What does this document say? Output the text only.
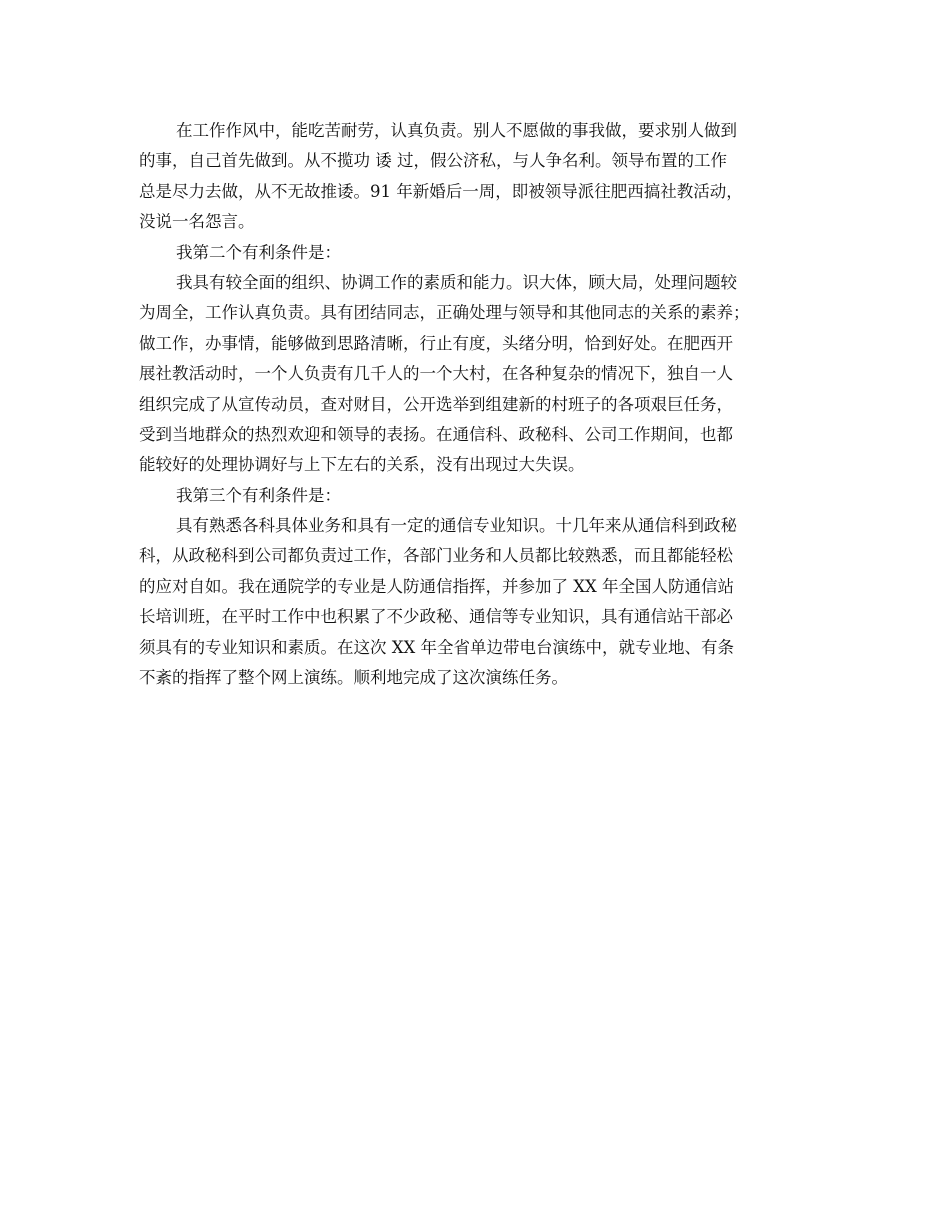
在工作作风中，能吃苦耐劳，认真负责。别人不愿做的事我做，要求别人做到
的事，自己首先做到。从不揽功 诿 过，假公济私，与人争名利。领导布置的工作
总是尽力去做，从不无故推诿。91 年新婚后一周，即被领导派往肥西搞社教活动，
没说一名怨言。
我第二个有利条件是：
我具有较全面的组织、协调工作的素质和能力。识大体，顾大局，处理问题较
为周全，工作认真负责。具有团结同志，正确处理与领导和其他同志的关系的素养；
做工作，办事情，能够做到思路清晰，行止有度，头绪分明，恰到好处。在肥西开
展社教活动时，一个人负责有几千人的一个大村，在各种复杂的情况下，独自一人
组织完成了从宣传动员，查对财目，公开选举到组建新的村班子的各项艰巨任务，
受到当地群众的热烈欢迎和领导的表扬。在通信科、政秘科、公司工作期间，也都
能较好的处理协调好与上下左右的关系，没有出现过大失误。
我第三个有利条件是：
具有熟悉各科具体业务和具有一定的通信专业知识。十几年来从通信科到政秘
科，从政秘科到公司都负责过工作，各部门业务和人员都比较熟悉，而且都能轻松
的应对自如。我在通院学的专业是人防通信指挥，并参加了 XX 年全国人防通信站
长培训班，在平时工作中也积累了不少政秘、通信等专业知识，具有通信站干部必
须具有的专业知识和素质。在这次 XX 年全省单边带电台演练中，就专业地、有条
不紊的指挥了整个网上演练。顺利地完成了这次演练任务。
